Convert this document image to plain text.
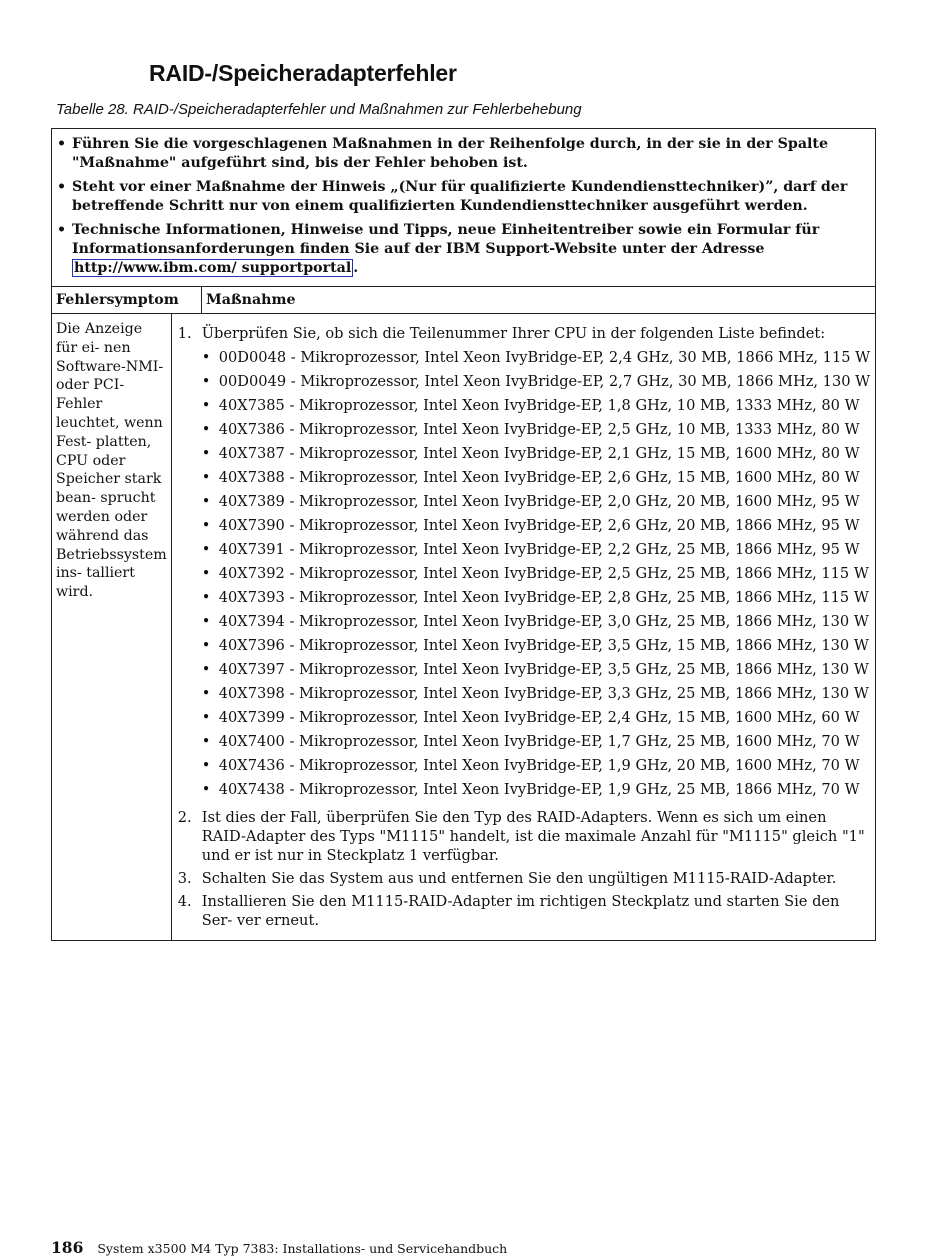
RAID-/Speicheradapterfehler

Tabelle 28. RAID-/Speicheradapterfehler und Maßnahmen zur Fehlerbehebung

• Führen Sie die vorgeschlagenen Maßnahmen in der Reihenfolge durch, in der sie in der Spalte "Maßnahme" aufgeführt sind, bis der Fehler behoben ist.
• Steht vor einer Maßnahme der Hinweis „(Nur für qualifizierte Kundendiensttechniker)”, darf der betreffende Schritt nur von einem qualifizierten Kundendiensttechniker ausgeführt werden.
• Technische Informationen, Hinweise und Tipps, neue Einheitentreiber sowie ein Formular für Informationsanforderungen finden Sie auf der IBM Support-Website unter der Adresse http://www.ibm.com/ supportportal .
Fehlersymptom	Maßnahme
Die Anzeige für ei- nen Software-NMI- oder PCI-Fehler leuchtet, wenn Fest- platten, CPU oder Speicher stark bean- sprucht werden oder während das Betriebssystem ins- talliert wird.
1. Überprüfen Sie, ob sich die Teilenummer Ihrer CPU in der folgenden Liste befindet:
• 00D0048 - Mikroprozessor, Intel Xeon IvyBridge-EP, 2,4 GHz, 30 MB, 1866 MHz, 115 W
• 00D0049 - Mikroprozessor, Intel Xeon IvyBridge-EP, 2,7 GHz, 30 MB, 1866 MHz, 130 W
• 40X7385 - Mikroprozessor, Intel Xeon IvyBridge-EP, 1,8 GHz, 10 MB, 1333 MHz, 80 W
• 40X7386 - Mikroprozessor, Intel Xeon IvyBridge-EP, 2,5 GHz, 10 MB, 1333 MHz, 80 W
• 40X7387 - Mikroprozessor, Intel Xeon IvyBridge-EP, 2,1 GHz, 15 MB, 1600 MHz, 80 W
• 40X7388 - Mikroprozessor, Intel Xeon IvyBridge-EP, 2,6 GHz, 15 MB, 1600 MHz, 80 W
• 40X7389 - Mikroprozessor, Intel Xeon IvyBridge-EP, 2,0 GHz, 20 MB, 1600 MHz, 95 W
• 40X7390 - Mikroprozessor, Intel Xeon IvyBridge-EP, 2,6 GHz, 20 MB, 1866 MHz, 95 W
• 40X7391 - Mikroprozessor, Intel Xeon IvyBridge-EP, 2,2 GHz, 25 MB, 1866 MHz, 95 W
• 40X7392 - Mikroprozessor, Intel Xeon IvyBridge-EP, 2,5 GHz, 25 MB, 1866 MHz, 115 W
• 40X7393 - Mikroprozessor, Intel Xeon IvyBridge-EP, 2,8 GHz, 25 MB, 1866 MHz, 115 W
• 40X7394 - Mikroprozessor, Intel Xeon IvyBridge-EP, 3,0 GHz, 25 MB, 1866 MHz, 130 W
• 40X7396 - Mikroprozessor, Intel Xeon IvyBridge-EP, 3,5 GHz, 15 MB, 1866 MHz, 130 W
• 40X7397 - Mikroprozessor, Intel Xeon IvyBridge-EP, 3,5 GHz, 25 MB, 1866 MHz, 130 W
• 40X7398 - Mikroprozessor, Intel Xeon IvyBridge-EP, 3,3 GHz, 25 MB, 1866 MHz, 130 W
• 40X7399 - Mikroprozessor, Intel Xeon IvyBridge-EP, 2,4 GHz, 15 MB, 1600 MHz, 60 W
• 40X7400 - Mikroprozessor, Intel Xeon IvyBridge-EP, 1,7 GHz, 25 MB, 1600 MHz, 70 W
• 40X7436 - Mikroprozessor, Intel Xeon IvyBridge-EP, 1,9 GHz, 20 MB, 1600 MHz, 70 W
• 40X7438 - Mikroprozessor, Intel Xeon IvyBridge-EP, 1,9 GHz, 25 MB, 1866 MHz, 70 W
2. Ist dies der Fall, überprüfen Sie den Typ des RAID-Adapters. Wenn es sich um einen RAID-Adapter des Typs "M1115" handelt, ist die maximale Anzahl für "M1115" gleich "1" und er ist nur in Steckplatz 1 verfügbar.
3. Schalten Sie das System aus und entfernen Sie den ungültigen M1115-RAID-Adapter.
4. Installieren Sie den M1115-RAID-Adapter im richtigen Steckplatz und starten Sie den Ser- ver erneut.
186 System x3500 M4 Typ 7383: Installations- und Servicehandbuch
